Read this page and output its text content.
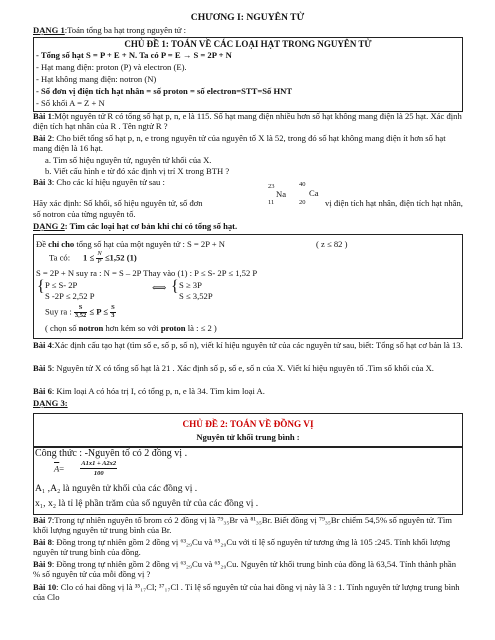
CHƯƠNG I: NGUYÊN TỬ
DẠNG 1:Toán tổng ba hạt trong nguyên tử :
CHỦ ĐỀ 1: TOÁN VỀ CÁC LOẠI HẠT TRONG NGUYÊN TỬ
- Tổng số hạt S = P + E + N. Ta có P = E → S = 2P + N
- Hạt mang điện: proton (P) và electron (E).
- Hạt không mang điện: notron (N)
- Số đơn vị điện tích hạt nhân = số proton = số electron=STT=Số HNT
- Số khối A = Z + N
Bài 1:Một nguyên tử R có tổng số hạt p, n, e là 115. Số hạt mang điện nhiều hơn số hạt không mang điện là 25 hạt. Xác định điện tích hạt nhân của R . Tên ngtử R ?
Bài 2: Cho biết tổng số hạt p, n, e trong nguyên tử của nguyên tố X là 52, trong đó số hạt không mang điện ít hơn số hạt mang điện là 16 hạt.
a. Tìm số hiệu nguyên tử, nguyên tử khối của X.
b. Viết cấu hình e từ đó xác định vị trí X trong BTH ?
Bài 3: Cho các kí hiệu nguyên tử sau :	23
Na
11
40
Ca
20
Hãy xác định: Số khối, số hiệu nguyên tử, số đơn	vị điện tích hạt nhân, điện tích hạt nhân,
số notron của từng nguyên tố.
DẠNG 2: Tìm các loại hạt cơ bản khi chỉ có tổng số hạt.
Đề chỉ cho tổng số hạt của một nguyên tử : S = 2P + N	( z ≤ 82 )
Ta có: $1 \le \frac{N}{P} \le 1,52$ (1)
S = 2P + N suy ra : N = S – 2P Thay vào (1) : P ≤ S- 2P ≤ 1,52 P
{ P ≤ S- 2P
S -2P ≤ 2,52 P
⟺ { S ≥ 3P
S ≤ 3,52P
Suy ra : $\frac{S}{3,52} \le P \le \frac{S}{3}$
( chọn số notron hơn kém so với proton là : ≤ 2 )
Bài 4:Xác định cấu tạo hạt (tìm số e, số p, số n), viết kí hiệu nguyên tử của các nguyên tử sau, biết: Tổng số hạt cơ bản là 13.
Bài 5: Nguyên tử X có tổng số hạt là 21 . Xác định số p, số e, số n của X. Viết kí hiệu nguyên tố .Tìm số khối của X.
Bài 6: Kim loại A có hóa trị I, có tổng p, n, e là 34. Tìm kim loại A.
DẠNG 3:
CHỦ ĐỀ 2: TOÁN VỀ ĐỒNG VỊ
Nguyên tử khối trung bình :
Công thức : -Nguyên tố có 2 đồng vị .
$\overline{A}= \frac{A1x1 + A2x2}{100}$
A₁ ,A₂ là nguyên tử khối của các đồng vị .
x₁, x₂ là tỉ lệ phần trăm của số nguyên tử của các đồng vị .
Bài 7:Trong tự nhiên nguyên tố brom có 2 đồng vị là ⁷⁹₃₅Br và ⁸¹₃₅Br. Biết đồng vị ⁷⁹₃₅Br chiếm 54,5% số nguyên tử. Tìm khối lượng nguyên tử trung bình của Br.
Bài 8: Đồng trong tự nhiên gồm 2 đồng vị ⁶³₂₉Cu và ⁶⁵₂₉Cu với tỉ lệ số nguyên tử tương ứng là 105 :245. Tính khối lượng nguyên tử trung bình của đồng.
Bài 9: Đồng trong tự nhiên gồm 2 đồng vị ⁶³₂₉Cu và ⁶⁵₂₉Cu. Nguyên tử khối trung bình của đồng là 63,54. Tính thành phần % số nguyên tử của mỗi đồng vị ?
Bài 10: Clo có hai đồng vị là ³⁵₁₇Cl; ³⁷₁₇Cl . Tỉ lệ số nguyên tử của hai đồng vị này là 3 : 1. Tính nguyên tử lượng trung bình của Clo
